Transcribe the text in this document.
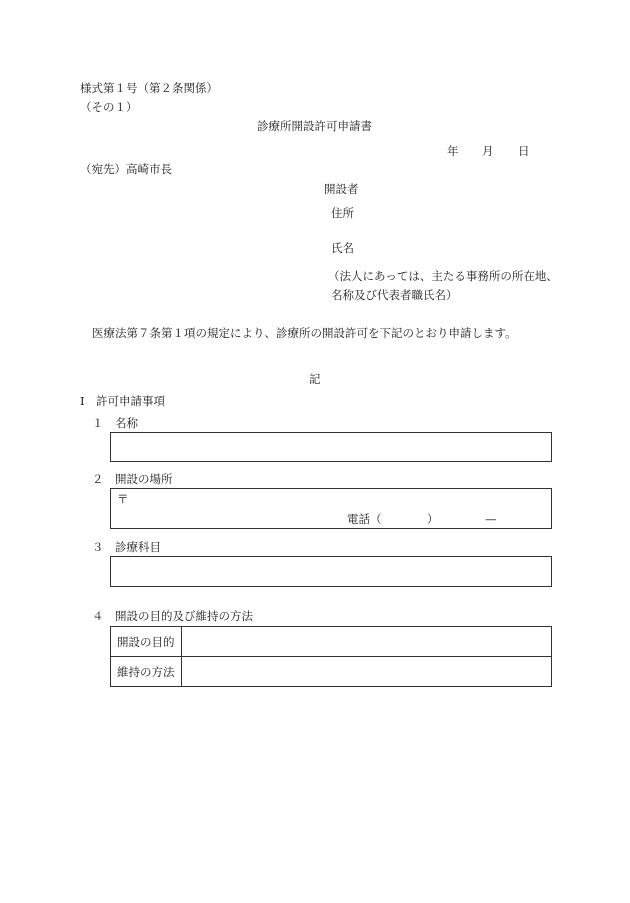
様式第１号（第２条関係）
（その１）
診療所開設許可申請書
年 月 日
（宛先）高崎市長
開設者
住所
氏名
（法人にあっては、主たる事務所の所在地、
名称及び代表者職氏名）
医療法第７条第１項の規定により、診療所の開設許可を下記のとおり申請します。
記
Ⅰ　許可申請事項
１　名称
２　開設の場所
〒
電話（	）	—
３　診療科目
４　開設の目的及び維持の方法
開設の目的	
維持の方法	
